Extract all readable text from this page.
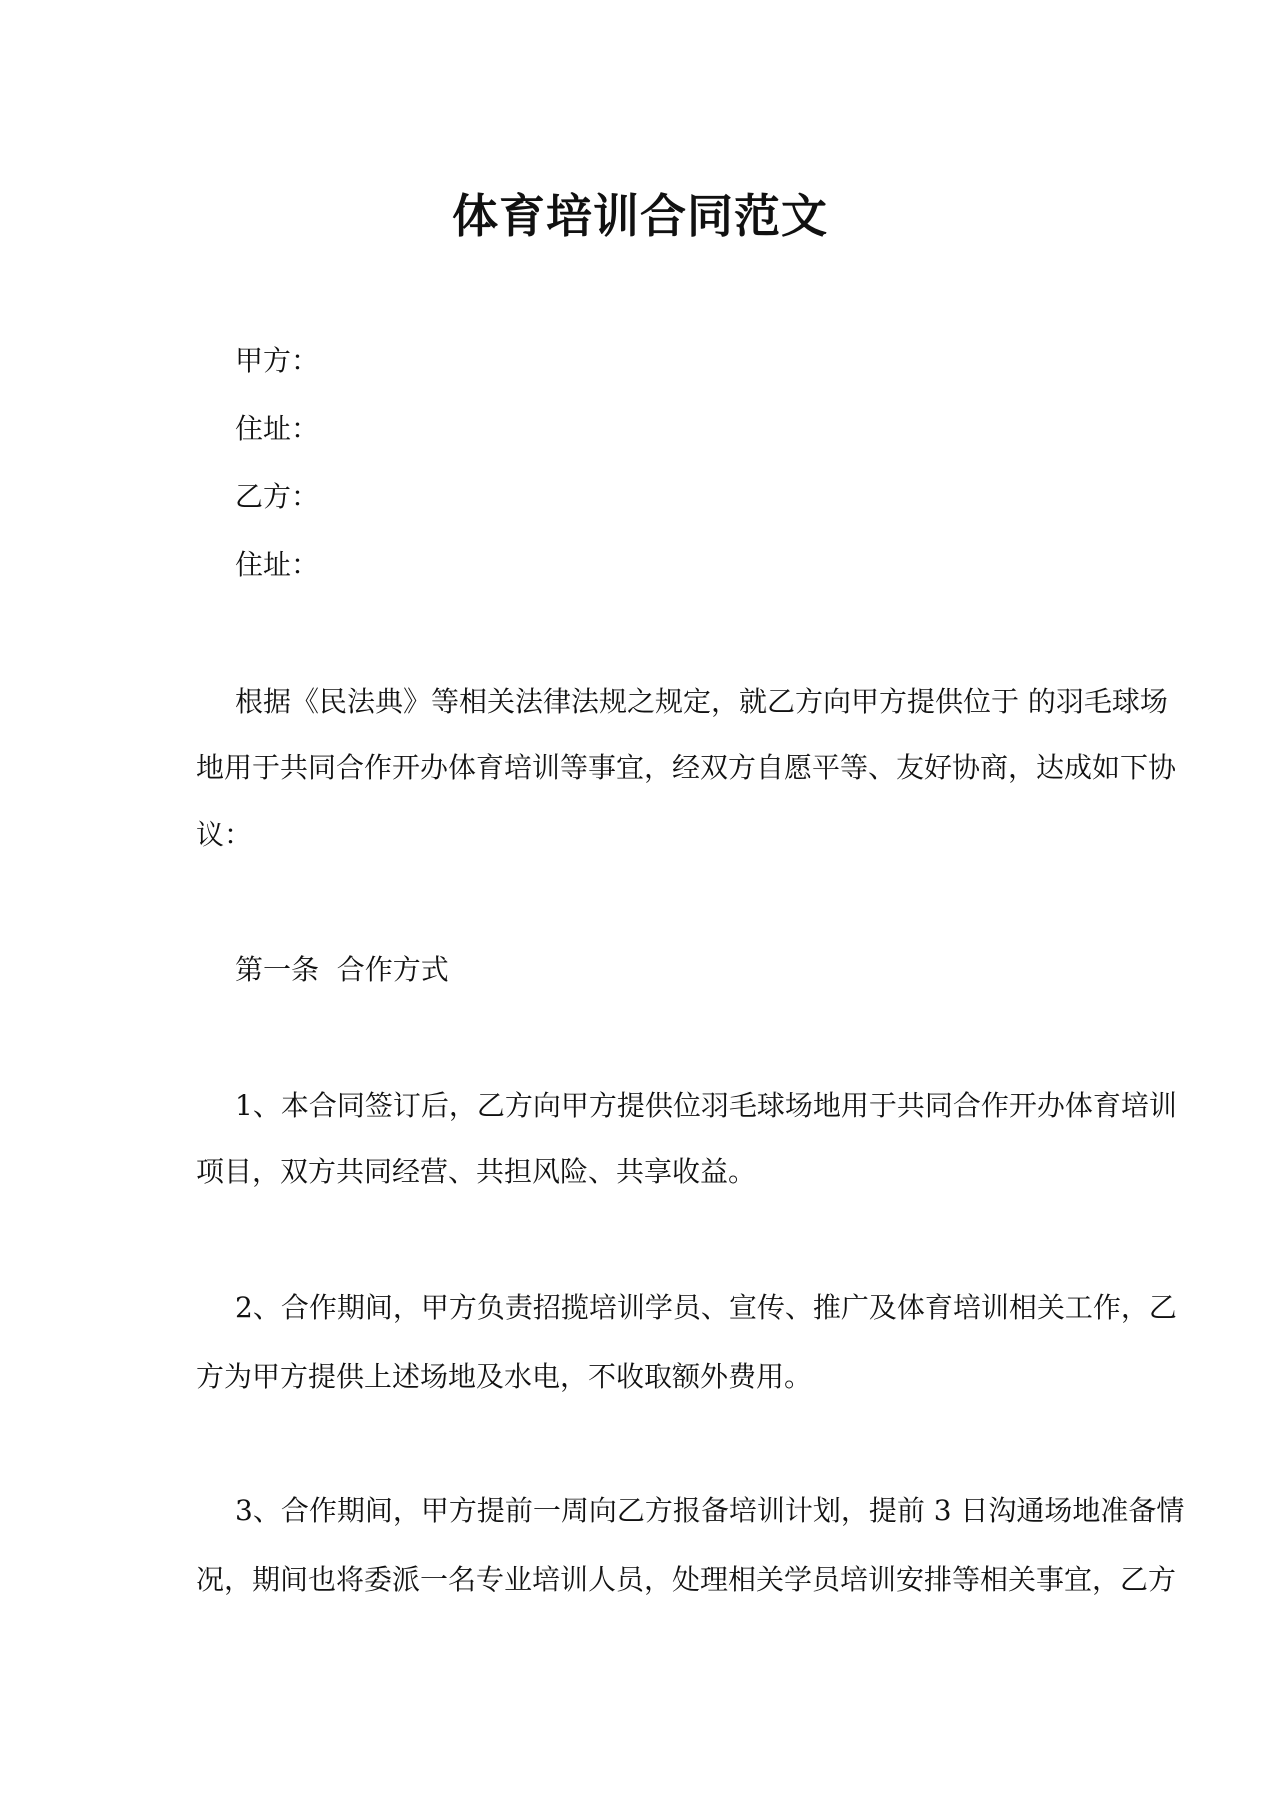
体育培训合同范文
甲方：
住址：
乙方：
住址：
根据《民法典》等相关法律法规之规定，就乙方向甲方提供位于 的羽毛球场
地用于共同合作开办体育培训等事宜，经双方自愿平等、友好协商，达成如下协
议：
第一条  合作方式
1、本合同签订后，乙方向甲方提供位羽毛球场地用于共同合作开办体育培训
项目，双方共同经营、共担风险、共享收益。
2、合作期间，甲方负责招揽培训学员、宣传、推广及体育培训相关工作，乙
方为甲方提供上述场地及水电，不收取额外费用。
3、合作期间，甲方提前一周向乙方报备培训计划，提前 3 日沟通场地准备情
况，期间也将委派一名专业培训人员，处理相关学员培训安排等相关事宜，乙方
